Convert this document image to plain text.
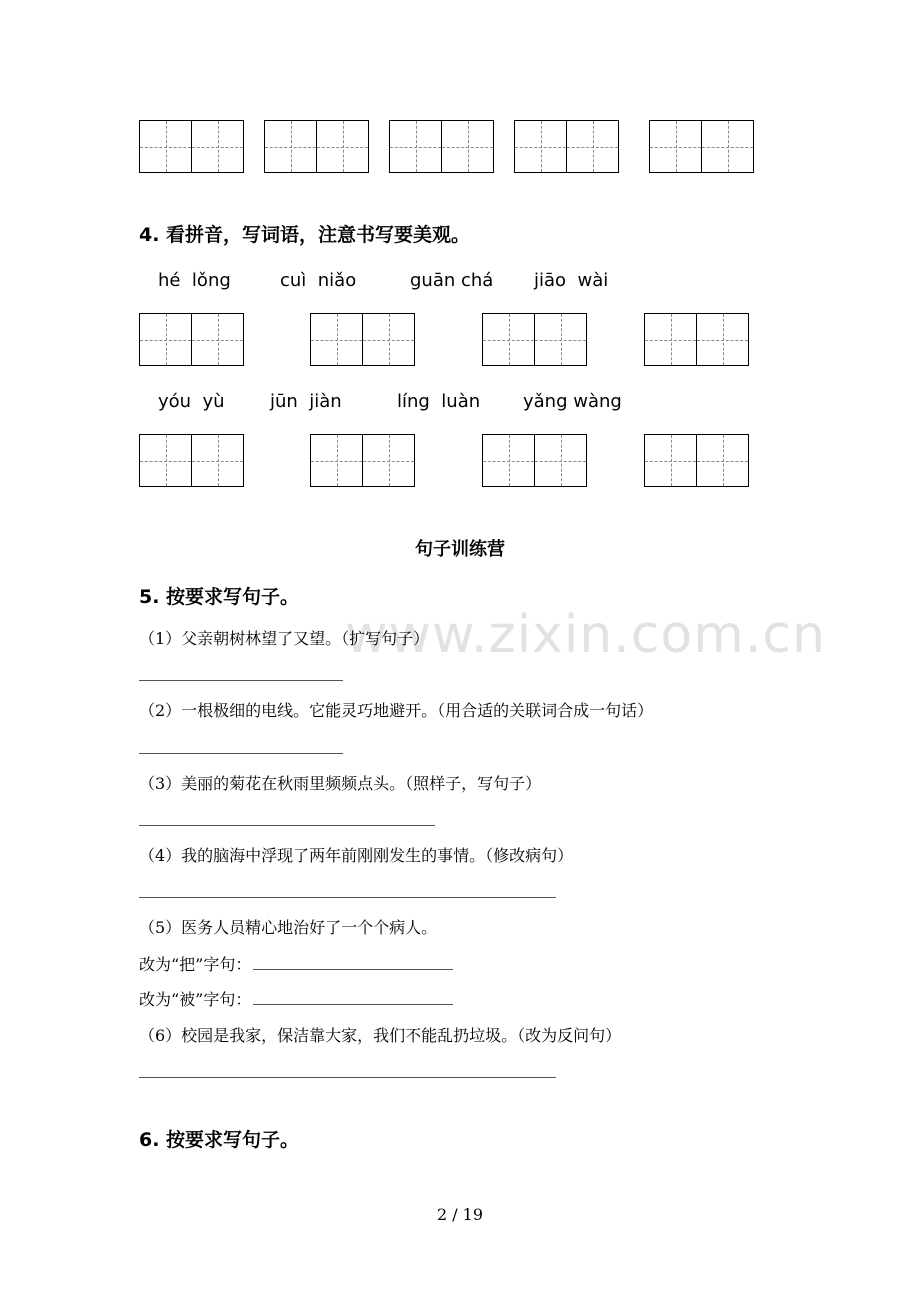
4. 看拼音，写词语，注意书写要美观。
hé  lǒng	cuì  niǎo	guān chá jiāo  wài
yóu  yù	jūn  jiàn	líng  luàn yǎng wàng
句子训练营
www.zixin.com.cn
5. 按要求写句子。
（1）父亲朝树林望了又望。（扩写句子）
（2）一根极细的电线。它能灵巧地避开。（用合适的关联词合成一句话）
（3）美丽的菊花在秋雨里频频点头。（照样子，写句子）
（4）我的脑海中浮现了两年前刚刚发生的事情。（修改病句）
（5）医务人员精心地治好了一个个病人。
改为“把”字句：
改为“被”字句：
（6）校园是我家，保洁靠大家，我们不能乱扔垃圾。（改为反问句）
6. 按要求写句子。
2 / 19
